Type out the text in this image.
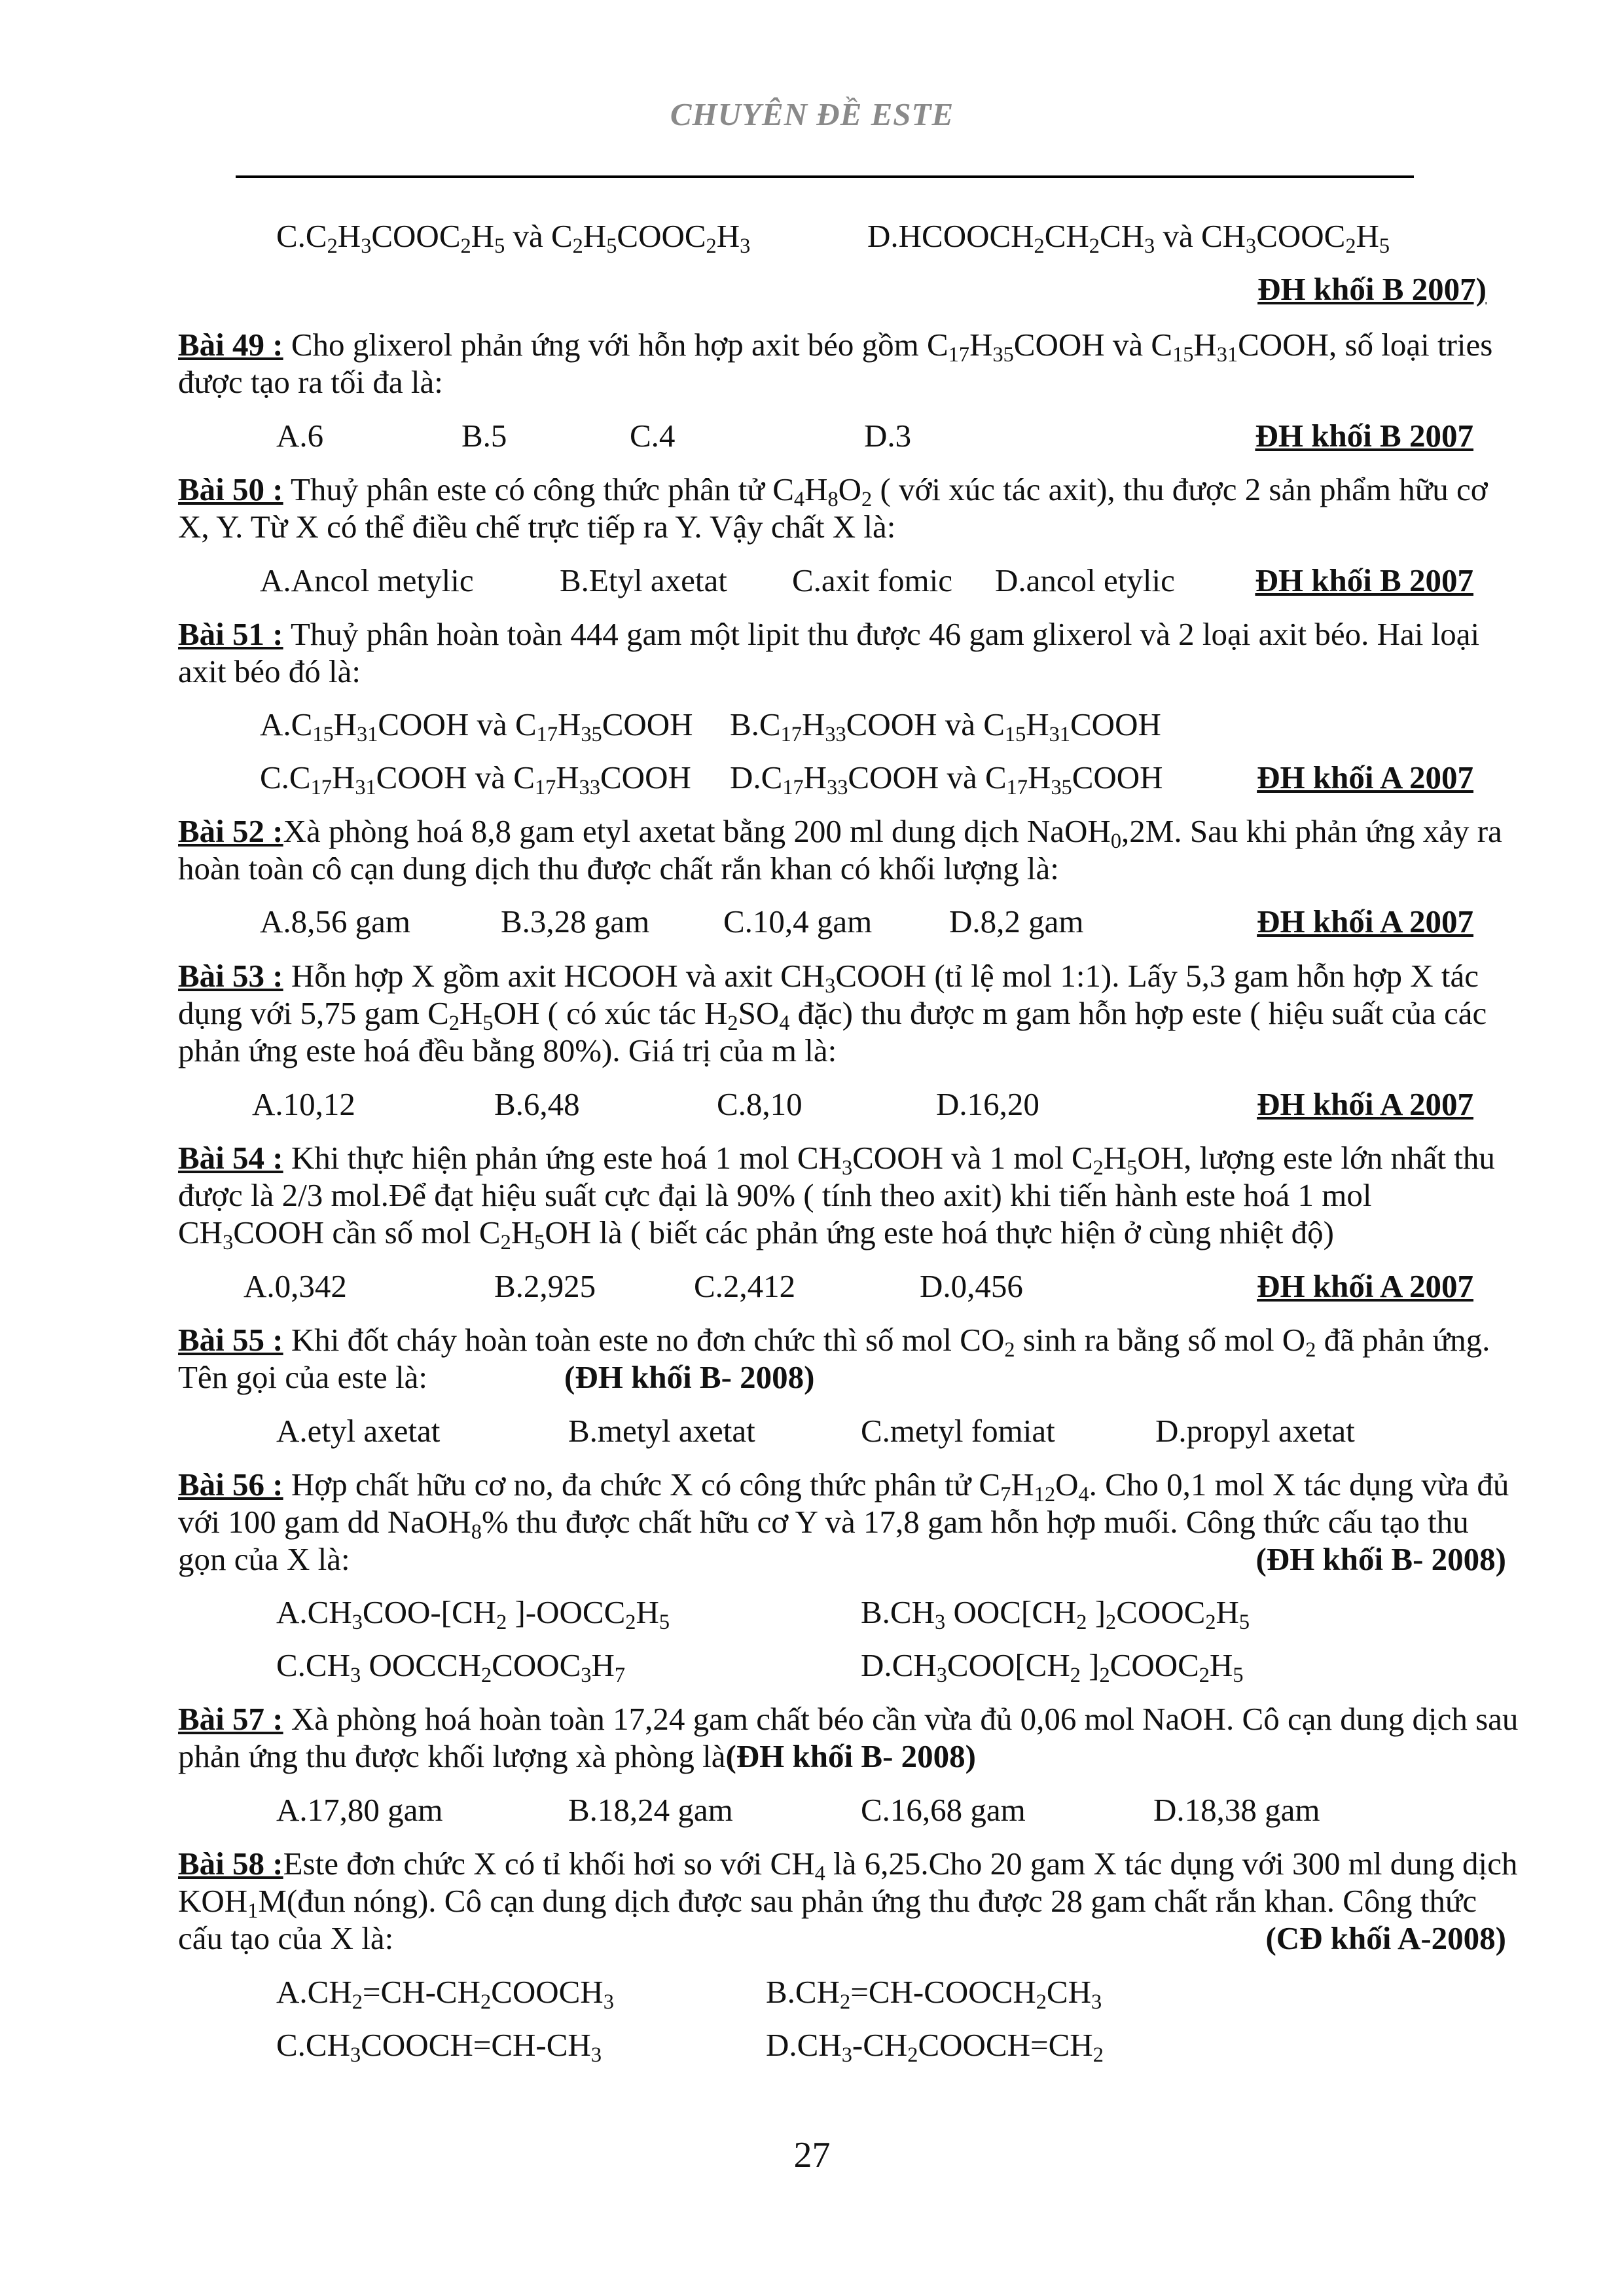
CHUYÊN ĐỀ ESTE
$C.C_2H_3COOC_2H_5$ và $C_2H_5COOC_2H_3$	$D.HCOOCH_2CH_2CH_3$ và $CH_3COOC_2H_5$
ĐH khối B 2007)
Bài 49 : Cho glixerol phản ứng với hỗn hợp axit béo gồm $C_{17}H_{35}COOH$ và $C_{15}H_{31}COOH$, số loại tries
được tạo ra tối đa là:
A.6	B.5	C.4	D.3	ĐH khối B 2007
Bài 50 : Thuỷ phân este có công thức phân tử $C_4H_8O_2$ ( với xúc tác axit), thu được 2 sản phẩm hữu cơ
X, Y. Từ X có thể điều chế trực tiếp ra Y. Vậy chất X là:
A.Ancol metylic	B.Etyl axetat C.axit fomic D.ancol etylic	ĐH khối B 2007
Bài 51 : Thuỷ phân hoàn toàn 444 gam một lipit thu được 46 gam glixerol và 2 loại axit béo. Hai loại
axit béo đó là:
$A.C_{15}H_{31}COOH$ và $C_{17}H_{35}COOH$ $B.C_{17}H_{33}COOH$ và $C_{15}H_{31}COOH$
$C.C_{17}H_{31}COOH$ và $C_{17}H_{33}COOH$ $D.C_{17}H_{33}COOH$ và $C_{17}H_{35}COOH$	ĐH khối A 2007
Bài 52 :Xà phòng hoá 8,8 gam etyl axetat bằng 200 ml dung dịch NaOH$_0$,2M. Sau khi phản ứng xảy ra
hoàn toàn cô cạn dung dịch thu được chất rắn khan có khối lượng là:
A.8,56 gam	B.3,28 gam C.10,4 gam D.8,2 gam	ĐH khối A 2007
Bài 53 : Hỗn hợp X gồm axit HCOOH và axit $CH_3COOH$ (tỉ lệ mol 1:1). Lấy 5,3 gam hỗn hợp X tác
dụng với 5,75 gam $C_2H_5OH$ ( có xúc tác $H_2SO_4$ đặc) thu được m gam hỗn hợp este ( hiệu suất của các
phản ứng este hoá đều bằng 80%). Giá trị của m là:
A.10,12	B.6,48	C.8,10	D.16,20	ĐH khối A 2007
Bài 54 : Khi thực hiện phản ứng este hoá 1 mol $CH_3COOH$ và 1 mol $C_2H_5OH$, lượng este lớn nhất thu
được là 2/3 mol.Để đạt hiệu suất cực đại là 90% ( tính theo axit) khi tiến hành este hoá 1 mol
$CH_3COOH$ cần số mol $C_2H_5OH$ là ( biết các phản ứng este hoá thực hiện ở cùng nhiệt độ)
A.0,342	B.2,925	C.2,412	D.0,456	ĐH khối A 2007
Bài 55 : Khi đốt cháy hoàn toàn este no đơn chức thì số mol $CO_2$ sinh ra bằng số mol $O_2$ đã phản ứng.
Tên gọi của este là:	(ĐH khối B- 2008)
A.etyl axetat	B.metyl axetat	C.metyl fomiat	D.propyl axetat
Bài 56 : Hợp chất hữu cơ no, đa chức X có công thức phân tử $C_7H_{12}O_4$. Cho 0,1 mol X tác dụng vừa đủ
với 100 gam dd NaOH$_8$% thu được chất hữu cơ Y và 17,8 gam hỗn hợp muối. Công thức cấu tạo thu
gọn của X là:	(ĐH khối B- 2008)
$A.CH_3COO-[CH_2$ ]$-OOCC_2H_5$	$B.CH_3$ $OOC[CH_2$ ]$_2COOC_2H_5$
$C.CH_3$ $OOCCH_2COOC_3H_7$	$D.CH_3COO[CH_2$ ]$_2COOC_2H_5$
Bài 57 : Xà phòng hoá hoàn toàn 17,24 gam chất béo cần vừa đủ 0,06 mol NaOH. Cô cạn dung dịch sau
phản ứng thu được khối lượng xà phòng là(ĐH khối B- 2008)
A.17,80 gam	B.18,24 gam	C.16,68 gam	D.18,38 gam
Bài 58 :Este đơn chức X có tỉ khối hơi so với $CH_4$ là 6,25.Cho 20 gam X tác dụng với 300 ml dung dịch
$KOH_1M(đun$ nóng). Cô cạn dung dịch được sau phản ứng thu được 28 gam chất rắn khan. Công thức
cấu tạo của X là:	(CĐ khối A-2008)
$A.CH_2=CH-CH_2COOCH_3$	$B.CH_2=CH-COOCH_2CH_3$
$C.CH_3COOCH=CH-CH_3$	$D.CH_3-CH_2COOCH=CH_2$
27
